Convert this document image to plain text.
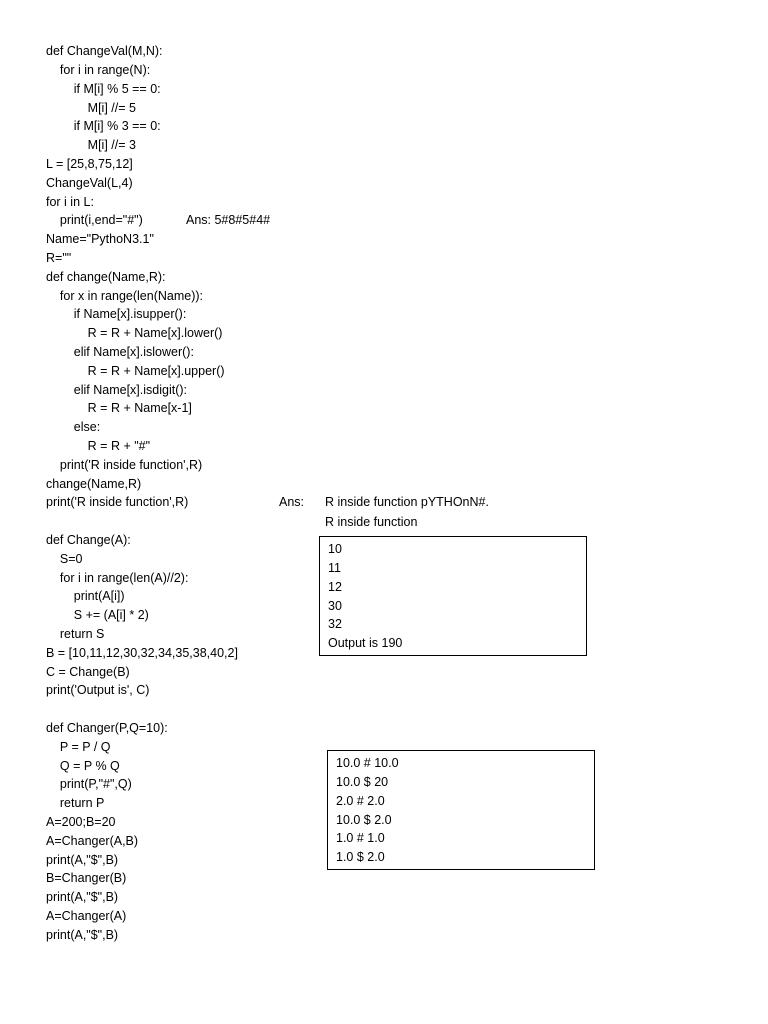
def ChangeVal(M,N):
for i in range(N):
if M[i] % 5 == 0:
M[i] //= 5
if M[i] % 3 == 0:
M[i] //= 3
L = [25,8,75,12]
ChangeVal(L,4)
for i in L:
print(i,end="#")
Name="PythoN3.1"
R=""
def change(Name,R):
for x in range(len(Name)):
if Name[x].isupper():
R = R + Name[x].lower()
elif Name[x].islower():
R = R + Name[x].upper()
elif Name[x].isdigit():
R = R + Name[x-1]
else:
R = R + "#"
print('R inside function',R)
change(Name,R)
print('R inside function',R)
Ans: 5#8#5#4#
Ans: R inside function pYTHOnN#.
R inside function
def Change(A):
S=0
for i in range(len(A)//2):
print(A[i])
S += (A[i] * 2)
return S
B = [10,11,12,30,32,34,35,38,40,2]
C = Change(B)
print('Output is', C)
10
11
12
30
32
Output is 190
def Changer(P,Q=10):
P = P / Q
Q = P % Q
print(P,"#",Q)
return P
A=200;B=20
A=Changer(A,B)
print(A,"$",B)
B=Changer(B)
print(A,"$",B)
A=Changer(A)
print(A,"$",B)
10.0 # 10.0
10.0 $ 20
2.0 # 2.0
10.0 $ 2.0
1.0 # 1.0
1.0 $ 2.0
